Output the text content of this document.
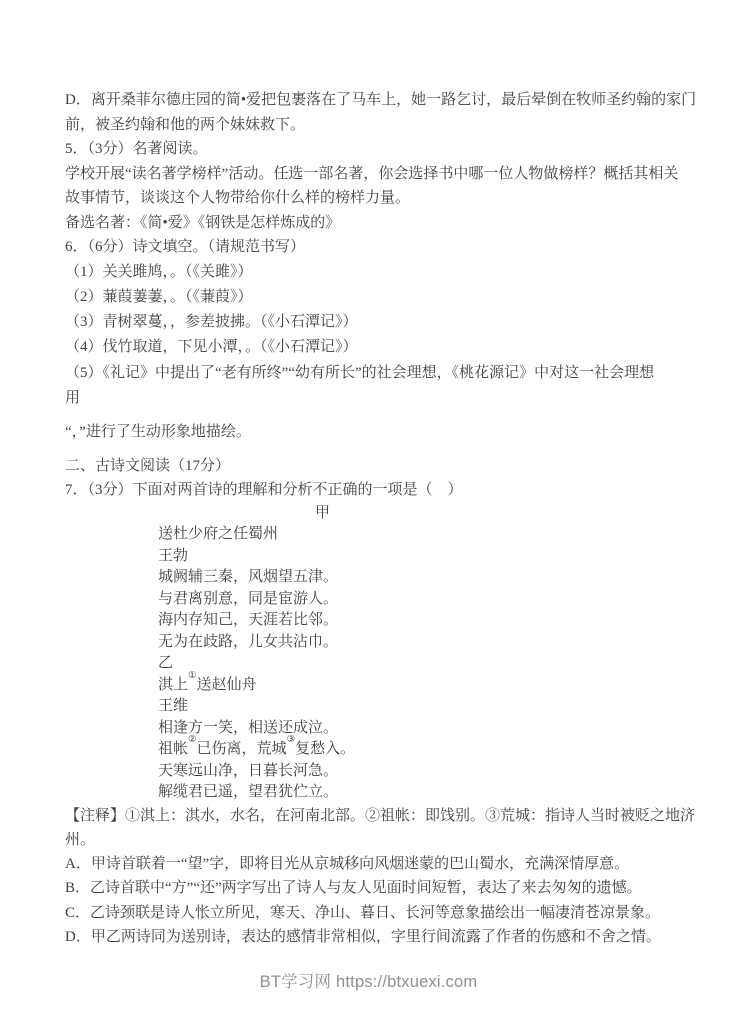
D．离开桑菲尔德庄园的简•爱把包裹落在了马车上，她一路乞讨，最后晕倒在牧师圣约翰的家门
前，被圣约翰和他的两个妹妹救下。
5．（3分）名著阅读。
学校开展“读名著学榜样”活动。任选一部名著，你会选择书中哪一位人物做榜样？概括其相关
故事情节，谈谈这个人物带给你什么样的榜样力量。
备选名著：《简•爱》《钢铁是怎样炼成的》
6．（6分）诗文填空。（请规范书写）
（1）关关雎鸠，。（《关雎》）
（2）蒹葭萋萋，。（《蒹葭》）
（3）青树翠蔓，，参差披拂。（《小石潭记》）
（4）伐竹取道，下见小潭，。（《小石潭记》）
（5）《礼记》中提出了“老有所终”“幼有所长”的社会理想，《桃花源记》中对这一社会理想
用
“，”进行了生动形象地描绘。
二、古诗文阅读（17分）
7．（3分）下面对两首诗的理解和分析不正确的一项是（　）
甲
送杜少府之任蜀州
王勃
城阙辅三秦，风烟望五津。
与君离别意，同是宦游人。
海内存知己，天涯若比邻。
无为在歧路，儿女共沾巾。
乙
淇上①送赵仙舟
王维
相逢方一笑，相送还成泣。
祖帐②已伤离，荒城③复愁入。
天寒远山净，日暮长河急。
解缆君已遥，望君犹伫立。
【注释】①淇上：淇水，水名，在河南北部。②祖帐：即饯别。③荒城：指诗人当时被贬之地济
州。
A．甲诗首联着一“望”字，即将目光从京城移向风烟迷蒙的巴山蜀水，充满深情厚意。
B．乙诗首联中“方”“还”两字写出了诗人与友人见面时间短暂，表达了来去匆匆的遗憾。
C．乙诗颈联是诗人怅立所见，寒天、净山、暮日、长河等意象描绘出一幅凄清苍凉景象。
D．甲乙两诗同为送别诗，表达的感情非常相似，字里行间流露了作者的伤感和不舍之情。
BT学习网 https://btxuexi.com
